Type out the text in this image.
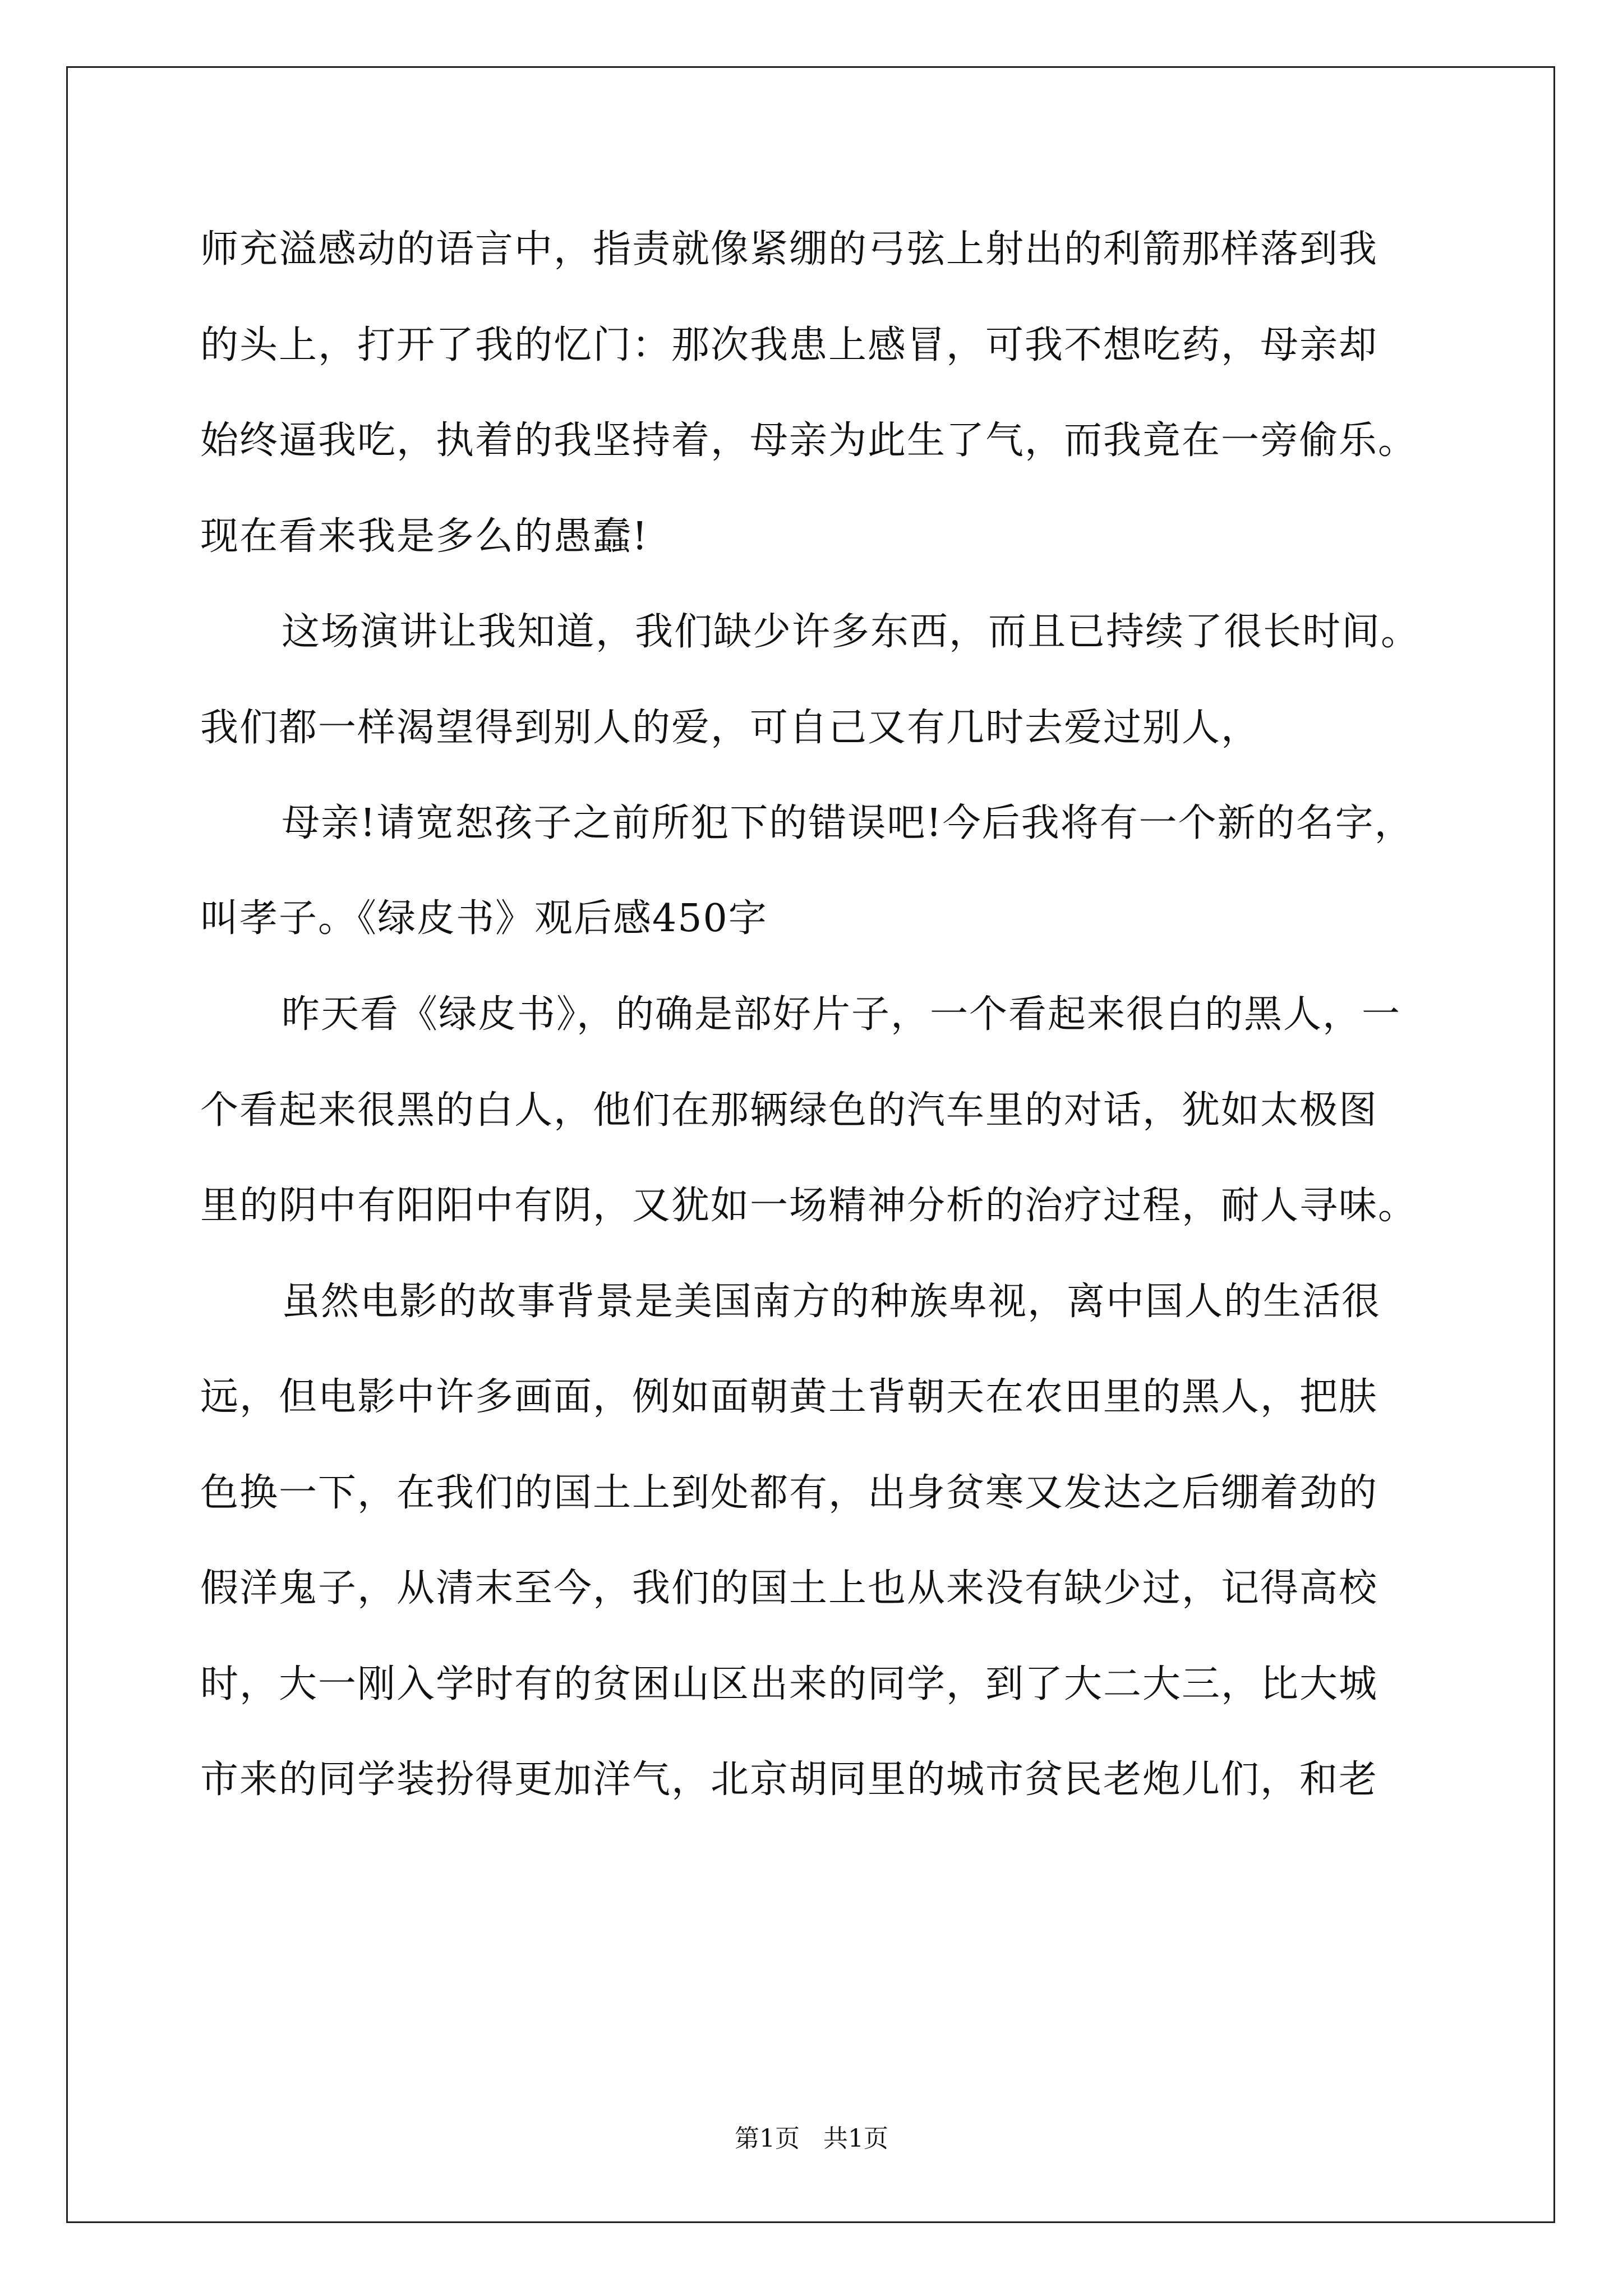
师充溢感动的语言中，指责就像紧绷的弓弦上射出的利箭那样落到我
的头上，打开了我的忆门：那次我患上感冒，可我不想吃药，母亲却
始终逼我吃，执着的我坚持着，母亲为此生了气，而我竟在一旁偷乐。
现在看来我是多么的愚蠢!
这场演讲让我知道，我们缺少许多东西，而且已持续了很长时间。
我们都一样渴望得到别人的爱，可自己又有几时去爱过别人，
母亲!请宽恕孩子之前所犯下的错误吧!今后我将有一个新的名字，
叫孝子。《绿皮书》观后感450字
昨天看《绿皮书》，的确是部好片子，一个看起来很白的黑人，一
个看起来很黑的白人，他们在那辆绿色的汽车里的对话，犹如太极图
里的阴中有阳阳中有阴，又犹如一场精神分析的治疗过程，耐人寻味。
虽然电影的故事背景是美国南方的种族卑视，离中国人的生活很
远，但电影中许多画面，例如面朝黄土背朝天在农田里的黑人，把肤
色换一下，在我们的国土上到处都有，出身贫寒又发达之后绷着劲的
假洋鬼子，从清末至今，我们的国土上也从来没有缺少过，记得高校
时，大一刚入学时有的贫困山区出来的同学，到了大二大三，比大城
市来的同学装扮得更加洋气，北京胡同里的城市贫民老炮儿们，和老
第1页   共1页
